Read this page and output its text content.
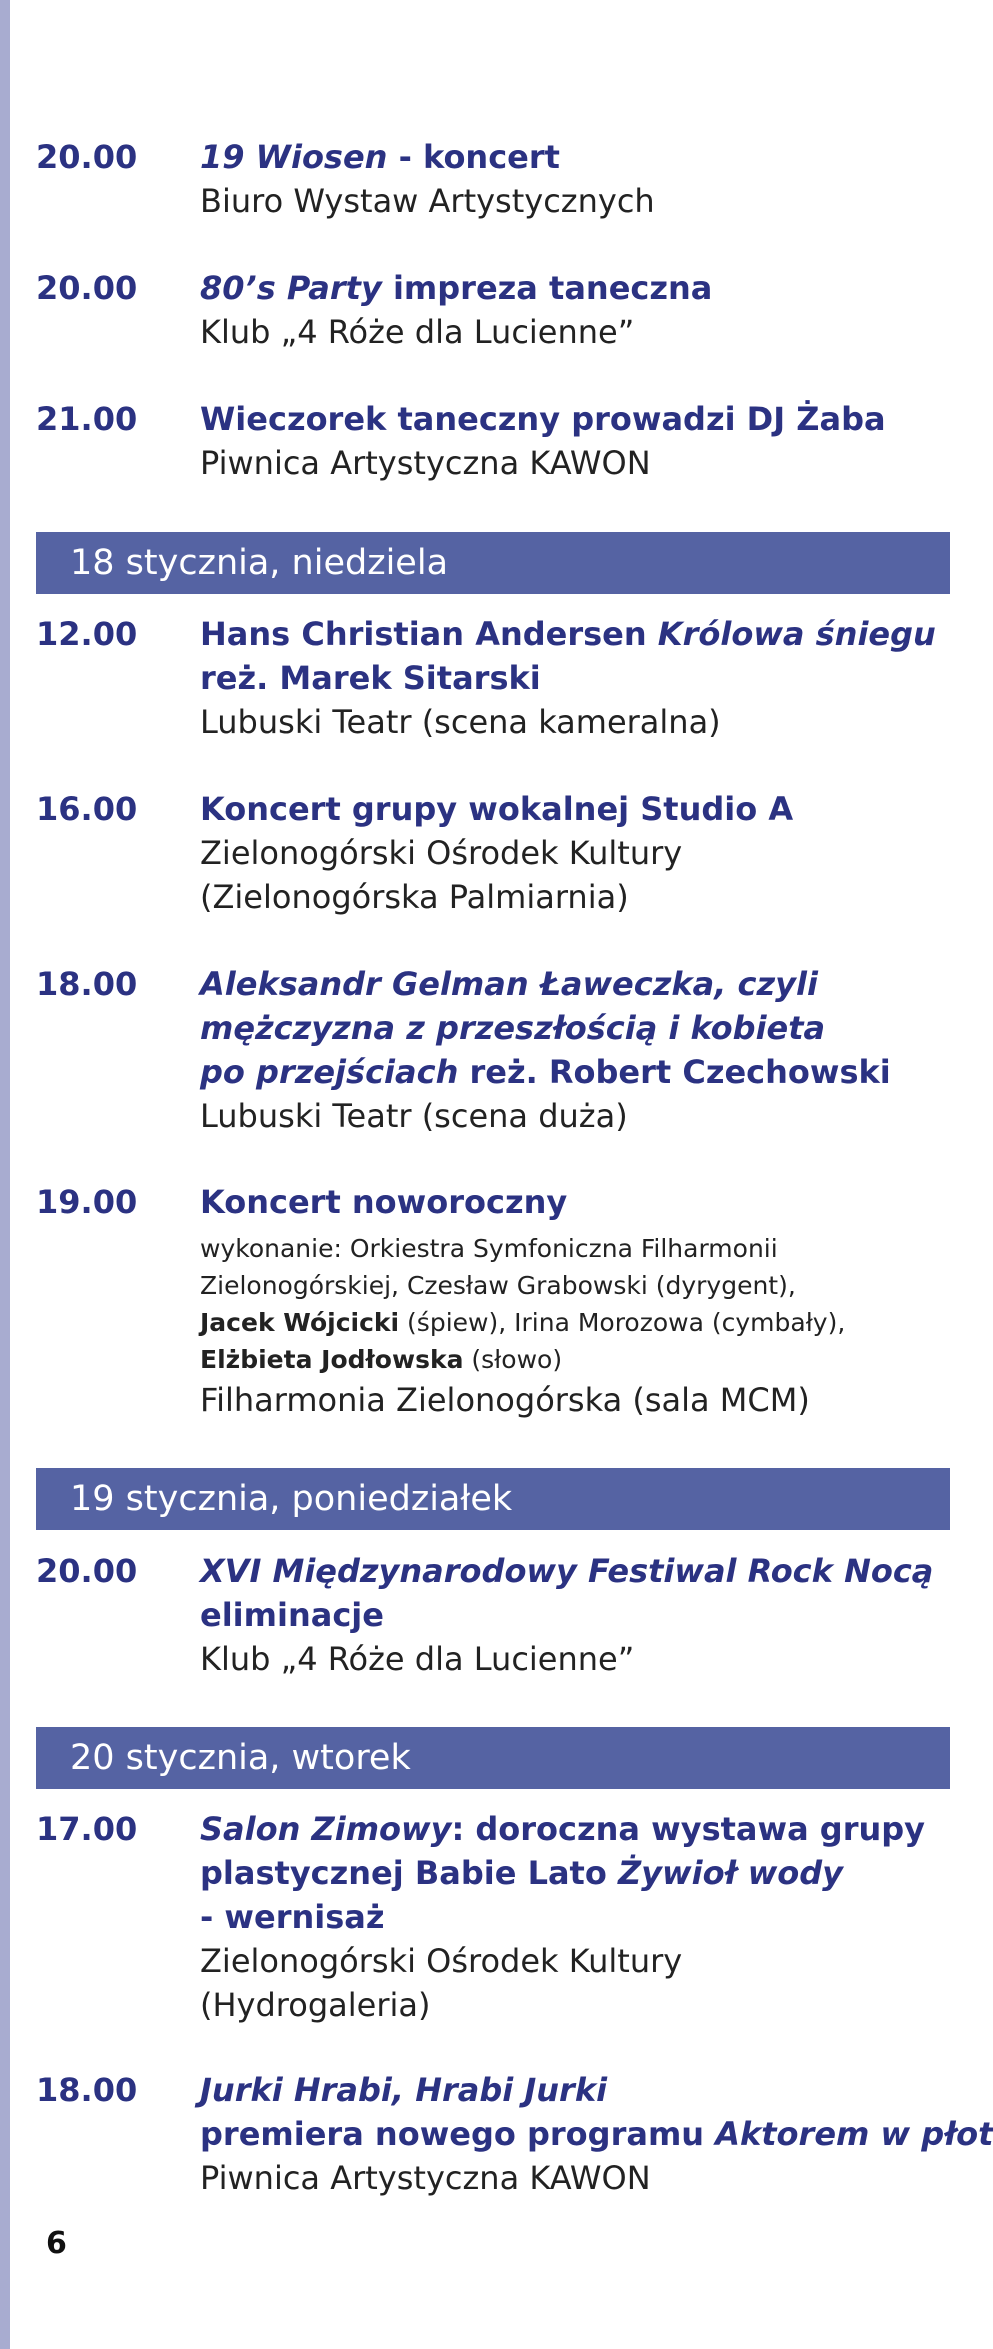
20.00	19 Wiosen - koncert
Biuro Wystaw Artystycznych
20.00	80’s Party impreza taneczna
Klub „4 Róże dla Lucienne”
21.00	Wieczorek taneczny prowadzi DJ Żaba
Piwnica Artystyczna KAWON
18 stycznia, niedziela
12.00	Hans Christian Andersen Królowa śniegu
reż. Marek Sitarski
Lubuski Teatr (scena kameralna)
16.00	Koncert grupy wokalnej Studio A
Zielonogórski Ośrodek Kultury
(Zielonogórska Palmiarnia)
18.00	Aleksandr Gelman Ławeczka, czyli
mężczyzna z przeszłością i kobieta
po przejściach reż. Robert Czechowski
Lubuski Teatr (scena duża)
19.00	Koncert noworoczny
wykonanie: Orkiestra Symfoniczna Filharmonii
Zielonogórskiej, Czesław Grabowski (dyrygent),
Jacek Wójcicki (śpiew), Irina Morozowa (cymbały),
Elżbieta Jodłowska (słowo)
Filharmonia Zielonogórska (sala MCM)
19 stycznia, poniedziałek
20.00	XVI Międzynarodowy Festiwal Rock Nocą
eliminacje
Klub „4 Róże dla Lucienne”
20 stycznia, wtorek
17.00	Salon Zimowy: doroczna wystawa grupy
plastycznej Babie Lato Żywioł wody
- wernisaż
Zielonogórski Ośrodek Kultury
(Hydrogaleria)
18.00	Jurki Hrabi, Hrabi Jurki
premiera nowego programu Aktorem w płot
Piwnica Artystyczna KAWON
6
